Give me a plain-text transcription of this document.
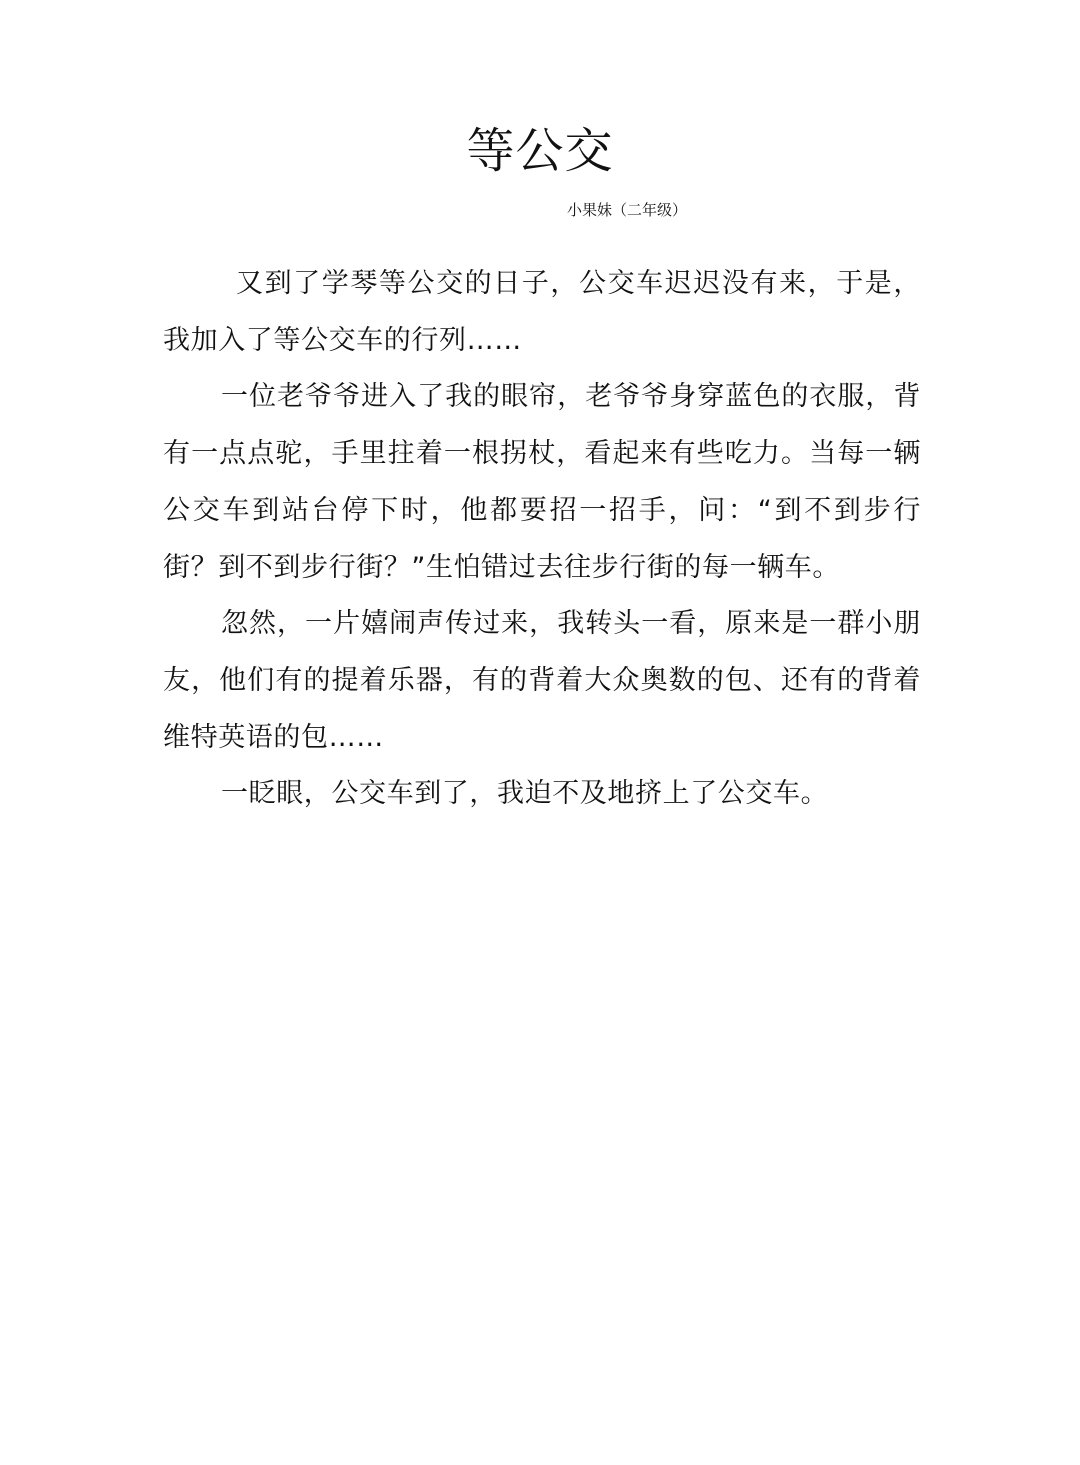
等公交
小果妹（二年级）

又到了学琴等公交的日子，公交车迟迟没有来，于是，我加入了等公交车的行列……

一位老爷爷进入了我的眼帘，老爷爷身穿蓝色的衣服，背有一点点驼，手里拄着一根拐杖，看起来有些吃力。当每一辆公交车到站台停下时，他都要招一招手，问：“到不到步行街？到不到步行街？”生怕错过去往步行街的每一辆车。

忽然，一片嬉闹声传过来，我转头一看，原来是一群小朋友，他们有的提着乐器，有的背着大众奥数的包、还有的背着维特英语的包……

一眨眼，公交车到了，我迫不及地挤上了公交车。
